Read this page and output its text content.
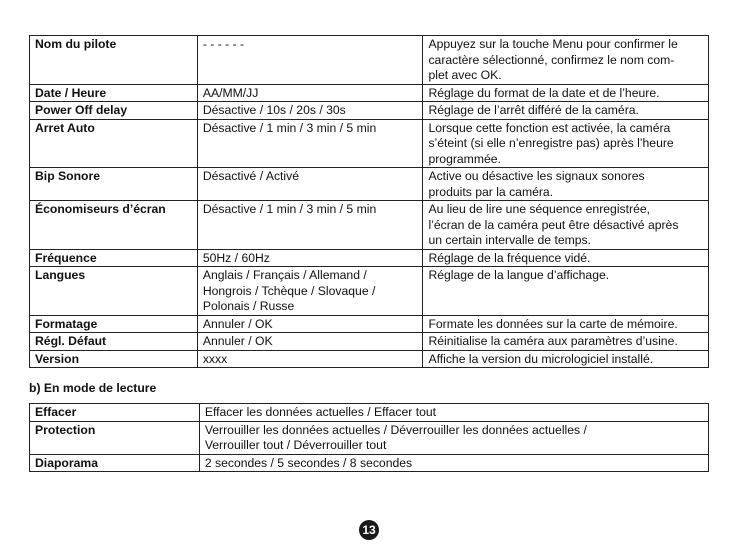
Nom du pilote	- - - - - -	Appuyez sur la touche Menu pour confirmer le
caractère sélectionné, confirmez le nom com-
plet avec OK.
Date / Heure	AA/MM/JJ	Réglage du format de la date et de l’heure.
Power Off delay	Désactive / 10s / 20s / 30s	Réglage de l’arrêt différé de la caméra.
Arret Auto	Désactive / 1 min / 3 min / 5 min	Lorsque cette fonction est activée, la caméra
s’éteint (si elle n’enregistre pas) après l’heure
programmée.
Bip Sonore	Désactivé / Activé	Active ou désactive les signaux sonores
produits par la caméra.
Économiseurs d’écran	Désactive / 1 min / 3 min / 5 min	Au lieu de lire une séquence enregistrée,
l’écran de la caméra peut être désactivé après
un certain intervalle de temps.
Fréquence	50Hz / 60Hz	Réglage de la fréquence vidé.
Langues	Anglais / Français / Allemand /
Hongrois / Tchèque / Slovaque /
Polonais / Russe	Réglage de la langue d’affichage.
Formatage	Annuler / OK	Formate les données sur la carte de mémoire.
Régl. Défaut	Annuler / OK	Réinitialise la caméra aux paramètres d’usine.
Version	xxxx	Affiche la version du micrologiciel installé.

b) En mode de lecture

Effacer	Effacer les données actuelles / Effacer tout
Protection	Verrouiller les données actuelles / Déverrouiller les données actuelles /
Verrouiller tout / Déverrouiller tout
Diaporama	2 secondes / 5 secondes / 8 secondes
13
